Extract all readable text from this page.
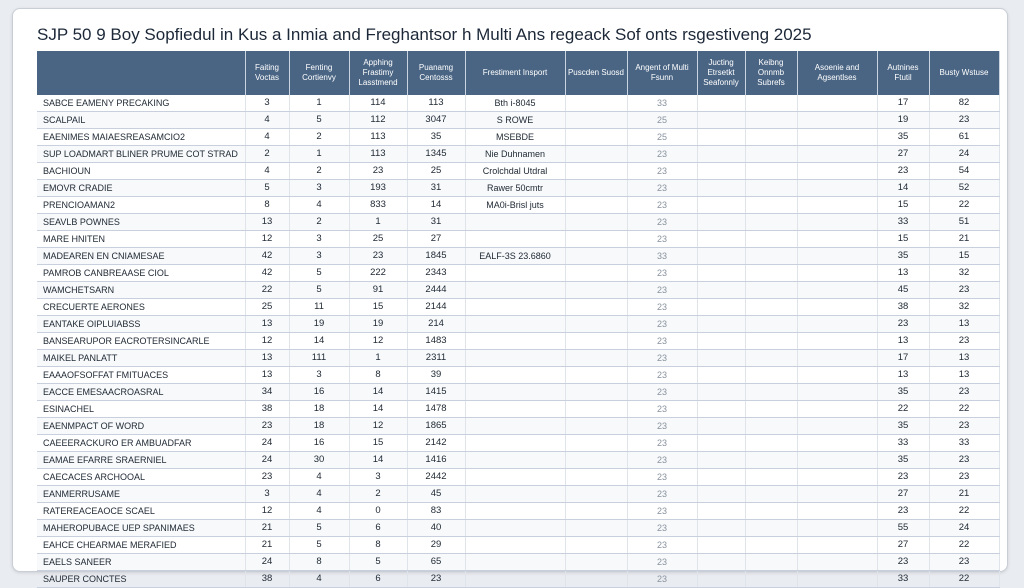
SJP 50 9 Boy Sopfiedul in Kus a Inmia and Freghantsor h Multi Ans regeack Sof onts rsgestiveng 2025
	Faiting Voctas	Fenting Cortienvy	Apphing Frastimy Lasstmend	Puanamg Centosss	Frestiment Insport	Puscden Suosd	Angent of Multi Fsunn	Jucting Etrsetkt Seafonnly	Keibng Onnmb Subrefs	Asoenie and Agsentlses	Autnines Ftutil	Busty Wstuse
SABCE EAMENY PRECAKING	3	1	114	113	Bth i-8045		33				17	82
SCALPAIL	4	5	112	3047	S ROWE		25				19	23
EAENIMES MAIAESREASAMCIO2	4	2	113	35	MSEBDE		25				35	61
SUP LOADMART BLINER PRUME COT STRAD	2	1	113	1345	Nie Duhnamen		23				27	24
BACHIOUN	4	2	23	25	Crolchdal Utdral		23				23	54
EMOVR CRADIE	5	3	193	31	Rawer 50cmtr		23				14	52
PRENCIOAMAN2	8	4	833	14	MA0i-Brisl juts		23				15	22
SEAVLB POWNES	13	2	1	31			23				33	51
MARE HNITEN	12	3	25	27			23				15	21
MADEAREN EN CNIAMESAE	42	3	23	1845	EALF-3S 23.6860		33				35	15
PAMROB CANBREAASE CIOL	42	5	222	2343			23				13	32
WAMCHETSARN	22	5	91	2444			23				45	23
CRECUERTE AERONES	25	11	15	2144			23				38	32
EANTAKE OIPLUIABSS	13	19	19	214			23				23	13
BANSEARUPOR EACROTERSINCARLE	12	14	12	1483			23				13	23
MAIKEL PANLATT	13	111	1	2311			23				17	13
EAAAOFSOFFAT FMITUACES	13	3	8	39			23				13	13
EACCE EMESAACROASRAL	34	16	14	1415			23				35	23
ESINACHEL	38	18	14	1478			23				22	22
EAENMPACT OF WORD	23	18	12	1865			23				35	23
CAEEERACKURO ER AMBUADFAR	24	16	15	2142			23				33	33
EAMAE EFARRE SRAERNIEL	24	30	14	1416			23				35	23
CAECACES ARCHOOAL	23	4	3	2442			23				23	23
EANMERRUSAME	3	4	2	45			23				27	21
RATEREACEAOCE SCAEL	12	4	0	83			23				23	22
MAHEROPUBACE UEP SPANIMAES	21	5	6	40			23				55	24
EAHCE CHEARMAE MERAFIED	21	5	8	29			23				27	22
EAELS SANEER	24	8	5	65			23				23	23
SAUPER CONCTES	38	4	6	23			23				33	22
